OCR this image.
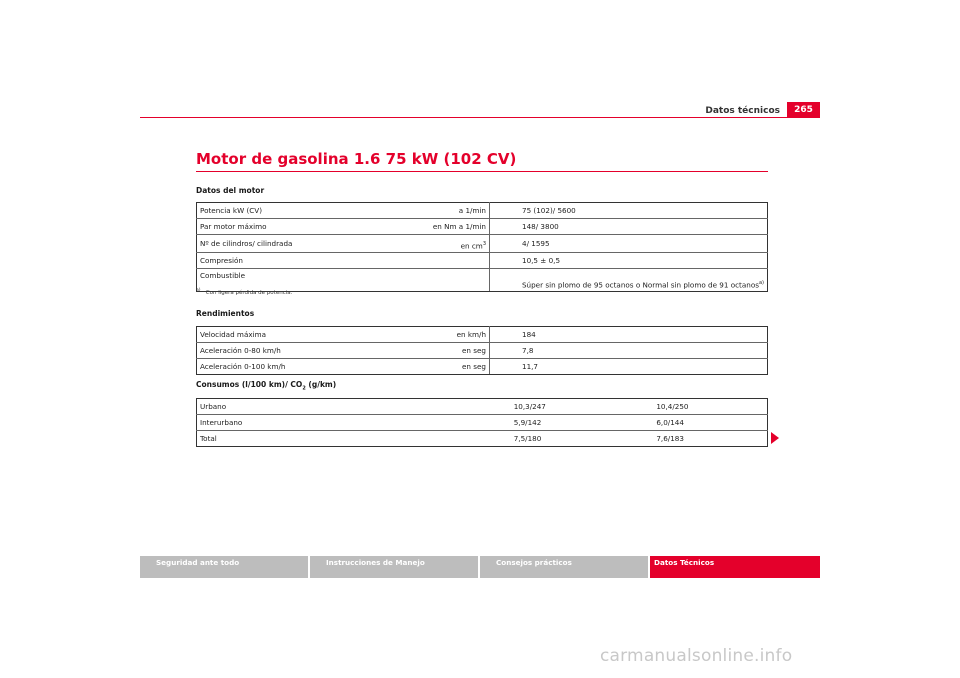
Datos técnicos	265
Motor de gasolina 1.6 75 kW (102 CV)
Datos del motor
Potencia kW (CV)	a 1/min	75 (102)/ 5600
Par motor máximo	en Nm a 1/min	148/ 3800
Nº de cilindros/ cilindrada	en $cm^3$	4/ 1595
Compresión		10,5 ± 0,5
Combustible		Súper sin plomo de 95 octanos o Normal sin plomo de 91 octanos$^{a)}$
$^{a)}$ Con ligera pérdida de potencia.
Rendimientos
Velocidad máxima	en km/h	184
Aceleración 0-80 km/h	en seg	7,8
Aceleración 0-100 km/h	en seg	11,7
Consumos (l/100 km)/ $CO_2$ (g/km)
Urbano		10,3/247	10,4/250
Interurbano		5,9/142	6,0/144
Total		7,5/180	7,6/183
Seguridad ante todo	Instrucciones de Manejo	Consejos prácticos	Datos Técnicos
carmanualsonline.info
